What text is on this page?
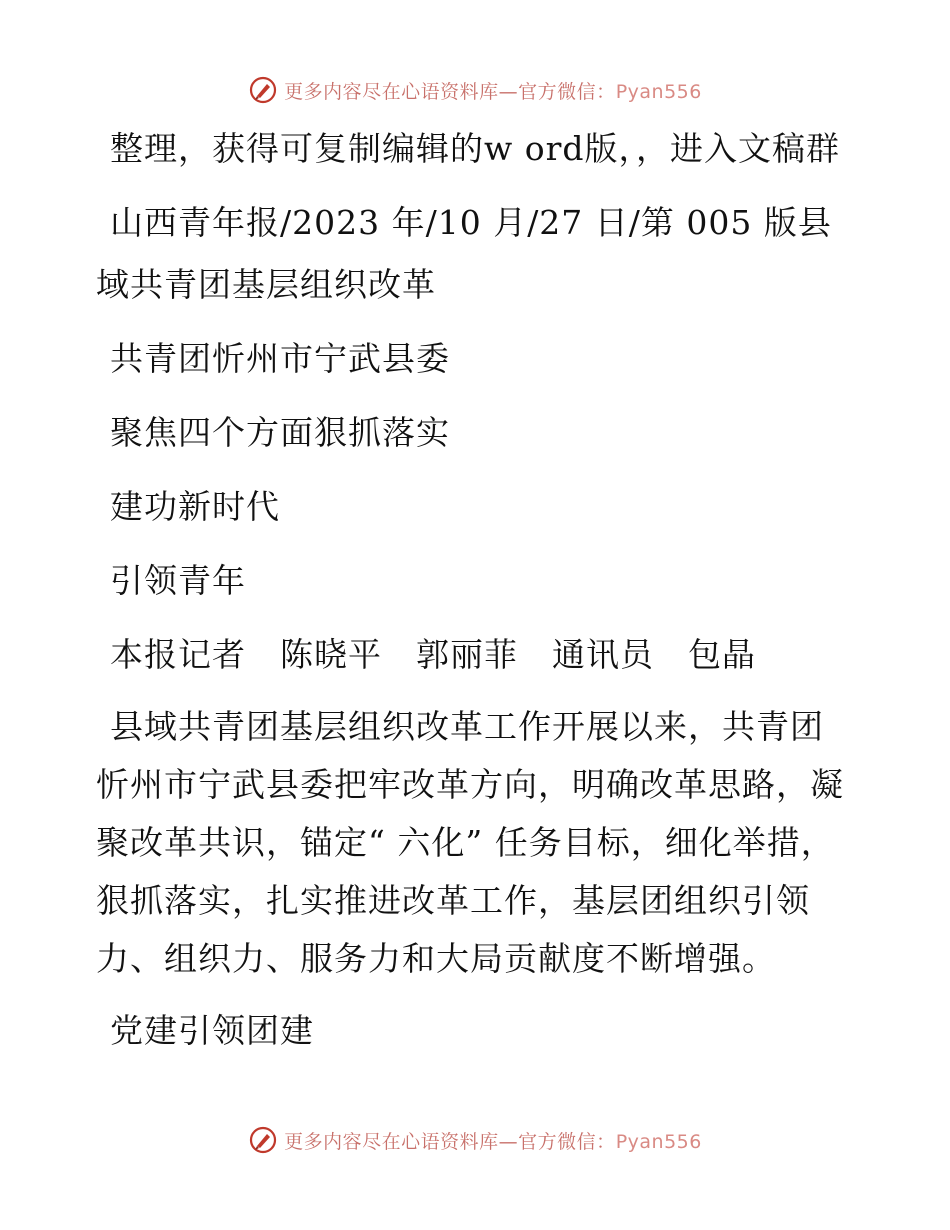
更多内容尽在心语资料库—官方微信：Pyan556

整理，获得可复制编辑的w ord版，，进入文稿群

山西青年报/2023 年/10 月/27 日/第 005 版县域共青团基层组织改革

共青团忻州市宁武县委

聚焦四个方面狠抓落实

建功新时代

引领青年

本报记者　陈晓平　郭丽菲　通讯员　包晶

县域共青团基层组织改革工作开展以来，共青团忻州市宁武县委把牢改革方向，明确改革思路，凝聚改革共识，锚定“ 六化” 任务目标，细化举措，狠抓落实，扎实推进改革工作，基层团组织引领力、组织力、服务力和大局贡献度不断增强。

党建引领团建

更多内容尽在心语资料库—官方微信：Pyan556
